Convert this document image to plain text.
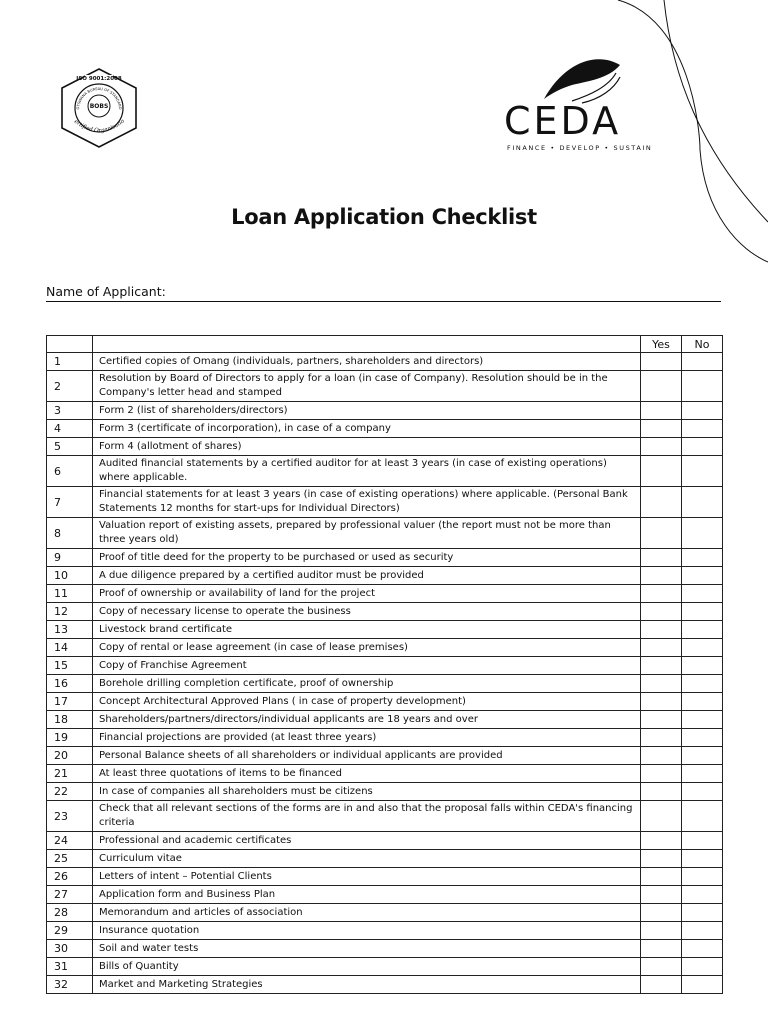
ISO 9001:2008
BOBS
OTSWANA BUREAU OF STANDARD
Certified Organisatio	CEDA
FINANCE • DEVELOP • SUSTAIN
Loan Application Checklist
Name of Applicant:
		Yes	No
1	Certified copies of Omang (individuals, partners, shareholders and directors)		
2	Resolution by Board of Directors to apply for a loan (in case of Company). Resolution should be in the Company's letter head and stamped		
3	Form 2 (list of shareholders/directors)		
4	Form 3 (certificate of incorporation), in case of a company		
5	Form 4 (allotment of shares)		
6	Audited financial statements by a certified auditor for at least 3 years (in case of existing operations) where applicable.		
7	Financial statements for at least 3 years (in case of existing operations) where applicable. (Personal Bank Statements 12 months for start-ups for Individual Directors)		
8	Valuation report of existing assets, prepared by professional valuer (the report must not be more than three years old)		
9	Proof of title deed for the property to be purchased or used as security		
10	A due diligence prepared by a certified auditor must be provided		
11	Proof of ownership or availability of land for the project		
12	Copy of necessary license to operate the business		
13	Livestock brand certificate		
14	Copy of rental or lease agreement (in case of lease premises)		
15	Copy of Franchise Agreement		
16	Borehole drilling completion certificate, proof of ownership		
17	Concept Architectural Approved Plans ( in case of property development)		
18	Shareholders/partners/directors/individual applicants are 18 years and over		
19	Financial projections are provided (at least three years)		
20	Personal Balance sheets of all shareholders or individual applicants are provided		
21	At least three quotations of items to be financed		
22	In case of companies all shareholders must be citizens		
23	Check that all relevant sections of the forms are in and also that the proposal falls within CEDA's financing criteria		
24	Professional and academic certificates		
25	Curriculum vitae		
26	Letters of intent – Potential Clients		
27	Application form and Business Plan		
28	Memorandum and articles of association		
29	Insurance quotation		
30	Soil and water tests		
31	Bills of Quantity		
32	Market and Marketing Strategies		
